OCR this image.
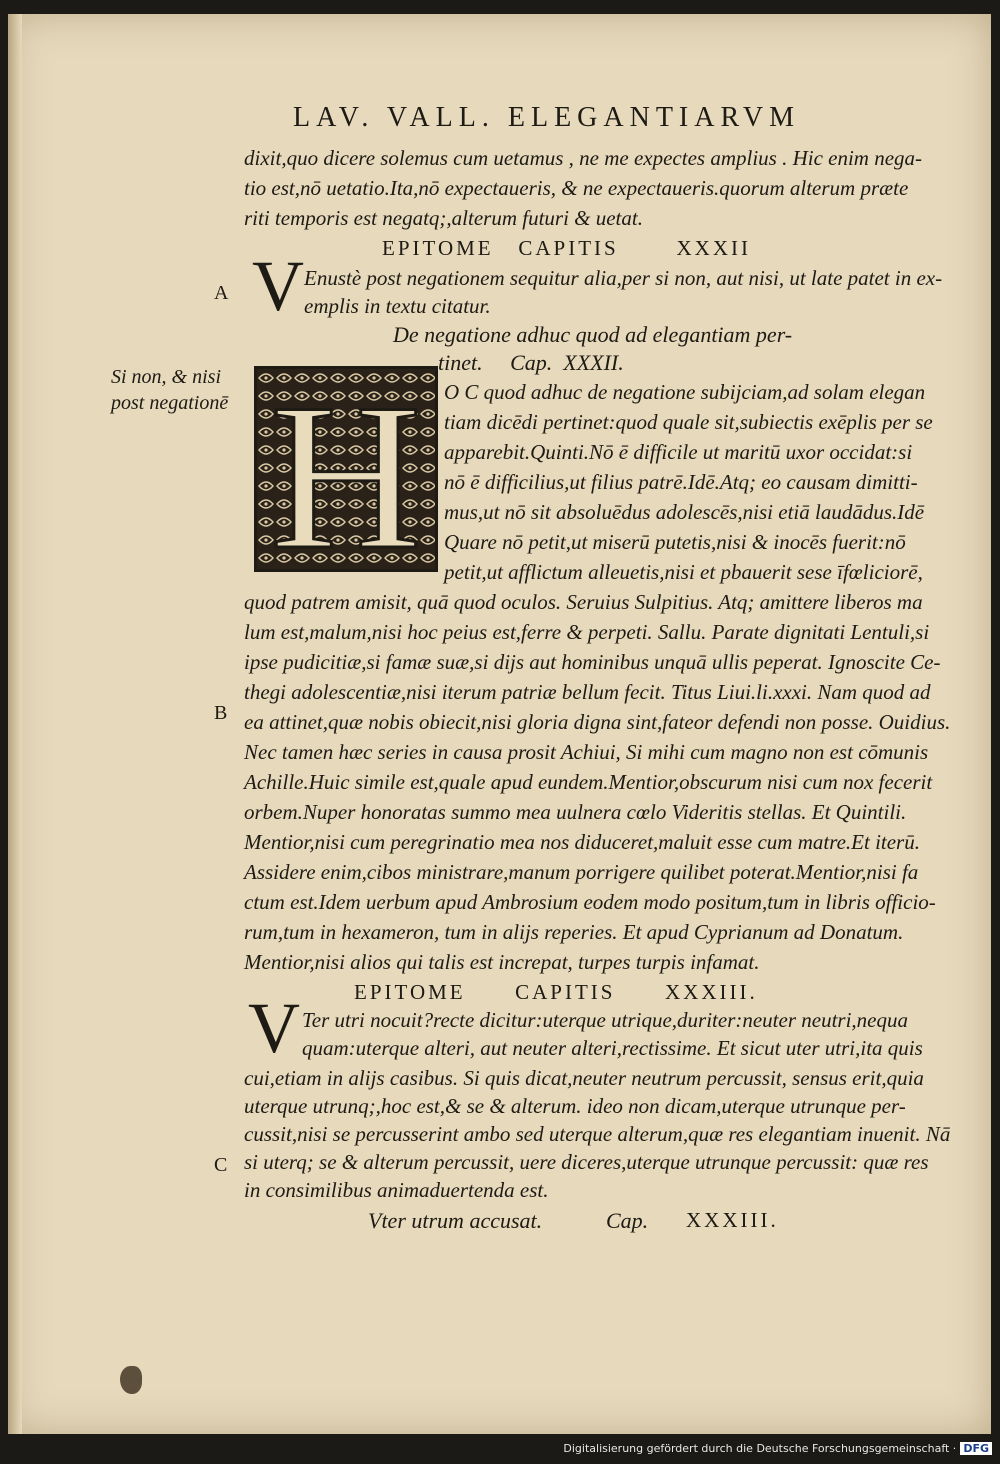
LAV. VALL. ELEGANTIARVM
dixit,quo dicere solemus cum uetamus , ne me expectes amplius . Hic enim nega-
tio est,nō uetatio.Ita,nō expectaueris, & ne expectaueris.quorum alterum præte
riti temporis est negatq;,alterum futuri & uetat.
EPITOME CAPITIS	XXXII
A V Enustè post negationem sequitur alia,per si non, aut nisi, ut late patet in ex-
emplis in textu citatur.
De negatione adhuc quod ad elegantiam per-
tinet.     Cap.  XXXII.
Si non, & nisi
post negationē H O C quod adhuc de negatione subijciam,ad solam elegan
tiam dicēdi pertinet:quod quale sit,subiectis exēplis per se
apparebit.Quinti.Nō ē difficile ut maritū uxor occidat:si
nō ē difficilius,ut filius patrē.Idē.Atq; eo causam dimitti-
mus,ut nō sit absoluēdus adolescēs,nisi etiā laudādus.Idē
Quare nō petit,ut miserū putetis,nisi & inocēs fuerit:nō
petit,ut afflictum alleuetis,nisi et pbauerit sese īfœliciorē,
quod patrem amisit, quā quod oculos. Seruius Sulpitius. Atq; amittere liberos ma
lum est,malum,nisi hoc peius est,ferre & perpeti. Sallu. Parate dignitati Lentuli,si
ipse pudicitiæ,si famæ suæ,si dijs aut hominibus unquā ullis peperat. Ignoscite Ce-
thegi adolescentiæ,nisi iterum patriæ bellum fecit. Titus Liui.li.xxxi. Nam quod ad
ea attinet,quæ nobis obiecit,nisi gloria digna sint,fateor defendi non posse. Ouidius.
B
Nec tamen hæc series in causa prosit Achiui, Si mihi cum magno non est cōmunis
Achille.Huic simile est,quale apud eundem.Mentior,obscurum nisi cum nox fecerit
orbem.Nuper honoratas summo mea uulnera cœlo Videritis stellas. Et Quintili.
Mentior,nisi cum peregrinatio mea nos diduceret,maluit esse cum matre.Et iterū.
Assidere enim,cibos ministrare,manum porrigere quilibet poterat.Mentior,nisi fa
ctum est.Idem uerbum apud Ambrosium eodem modo positum,tum in libris officio-
rum,tum in hexameron, tum in alijs reperies. Et apud Cyprianum ad Donatum.
Mentior,nisi alios qui talis est increpat, turpes turpis infamat.
EPITOME CAPITIS XXXIII.
V Ter utri nocuit?recte dicitur:uterque utrique,duriter:neuter neutri,nequa
quam:uterque alteri, aut neuter alteri,rectissime. Et sicut uter utri,ita quis
cui,etiam in alijs casibus. Si quis dicat,neuter neutrum percussit, sensus erit,quia
uterque utrunq;,hoc est,& se & alterum. ideo non dicam,uterque utrunque per-
cussit,nisi se percusserint ambo sed uterque alterum,quæ res elegantiam inuenit. Nā
si uterq; se & alterum percussit, uere diceres,uterque utrunque percussit: quæ res
C
in consimilibus animaduertenda est.
Vter utrum accusat.	Cap. XXXIII.
Digitalisierung gefördert durch die Deutsche Forschungsgemeinschaft · DFG
